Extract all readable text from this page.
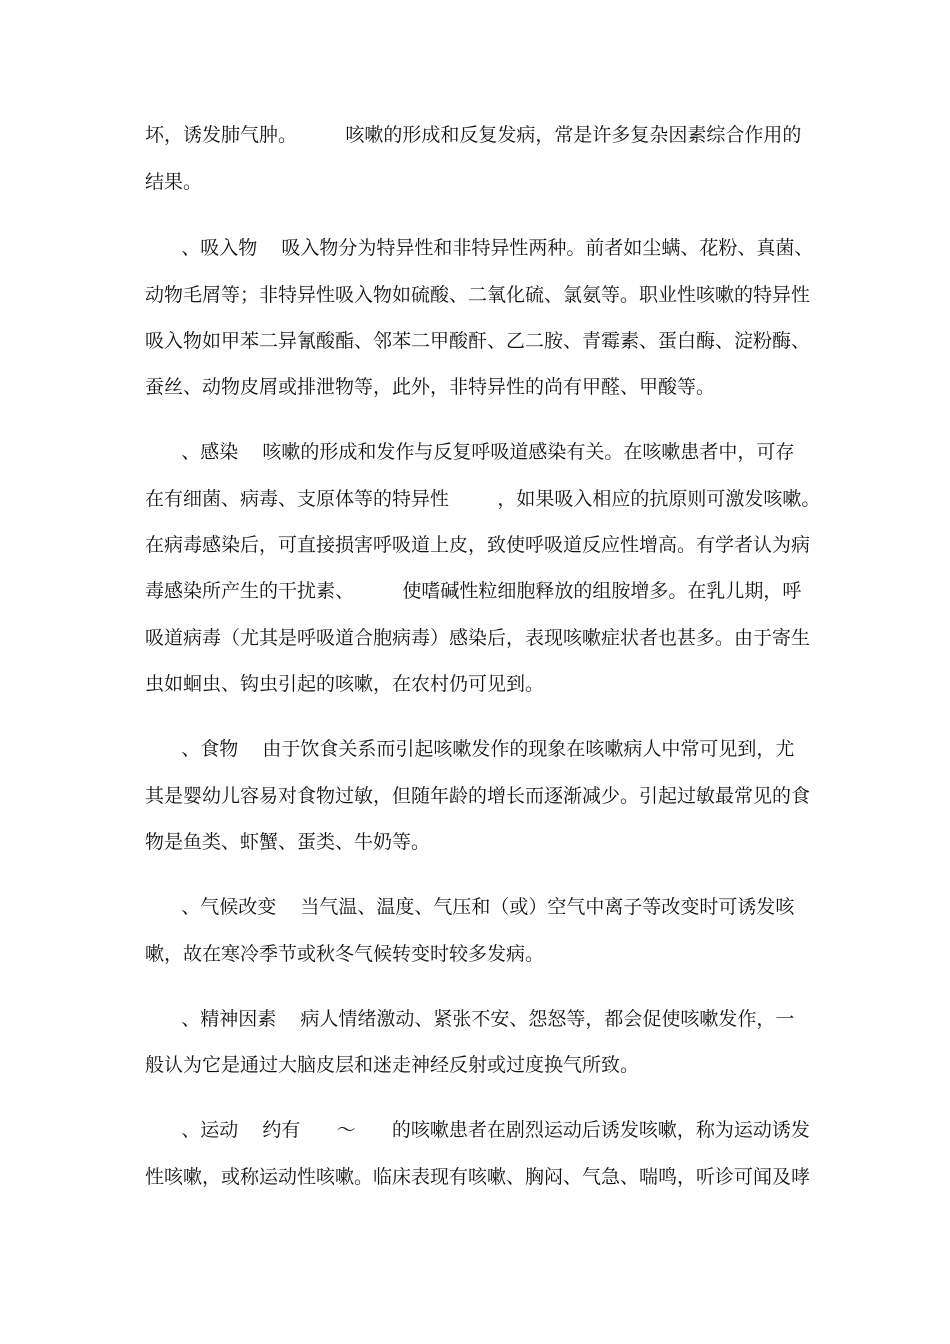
坏，诱发肺气肿。        咳嗽的形成和反复发病，常是许多复杂因素综合作用的
结果。
、吸入物    吸入物分为特异性和非特异性两种。前者如尘螨、花粉、真菌、
动物毛屑等；非特异性吸入物如硫酸、二氧化硫、氯氨等。职业性咳嗽的特异性
吸入物如甲苯二异氰酸酯、邻苯二甲酸酐、乙二胺、青霉素、蛋白酶、淀粉酶、
蚕丝、动物皮屑或排泄物等，此外，非特异性的尚有甲醛、甲酸等。
、感染    咳嗽的形成和发作与反复呼吸道感染有关。在咳嗽患者中，可存
在有细菌、病毒、支原体等的特异性        ，如果吸入相应的抗原则可激发咳嗽。
在病毒感染后，可直接损害呼吸道上皮，致使呼吸道反应性增高。有学者认为病
毒感染所产生的干扰素、        使嗜碱性粒细胞释放的组胺增多。在乳儿期，呼
吸道病毒（尤其是呼吸道合胞病毒）感染后，表现咳嗽症状者也甚多。由于寄生
虫如蛔虫、钩虫引起的咳嗽，在农村仍可见到。
、食物    由于饮食关系而引起咳嗽发作的现象在咳嗽病人中常可见到，尤
其是婴幼儿容易对食物过敏，但随年龄的增长而逐渐减少。引起过敏最常见的食
物是鱼类、虾蟹、蛋类、牛奶等。
、气候改变    当气温、温度、气压和（或）空气中离子等改变时可诱发咳
嗽，故在寒冷季节或秋冬气候转变时较多发病。
、精神因素    病人情绪激动、紧张不安、怨怒等，都会促使咳嗽发作，一
般认为它是通过大脑皮层和迷走神经反射或过度换气所致。
、运动    约有      ～      的咳嗽患者在剧烈运动后诱发咳嗽，称为运动诱发
性咳嗽，或称运动性咳嗽。临床表现有咳嗽、胸闷、气急、喘鸣，听诊可闻及哮
